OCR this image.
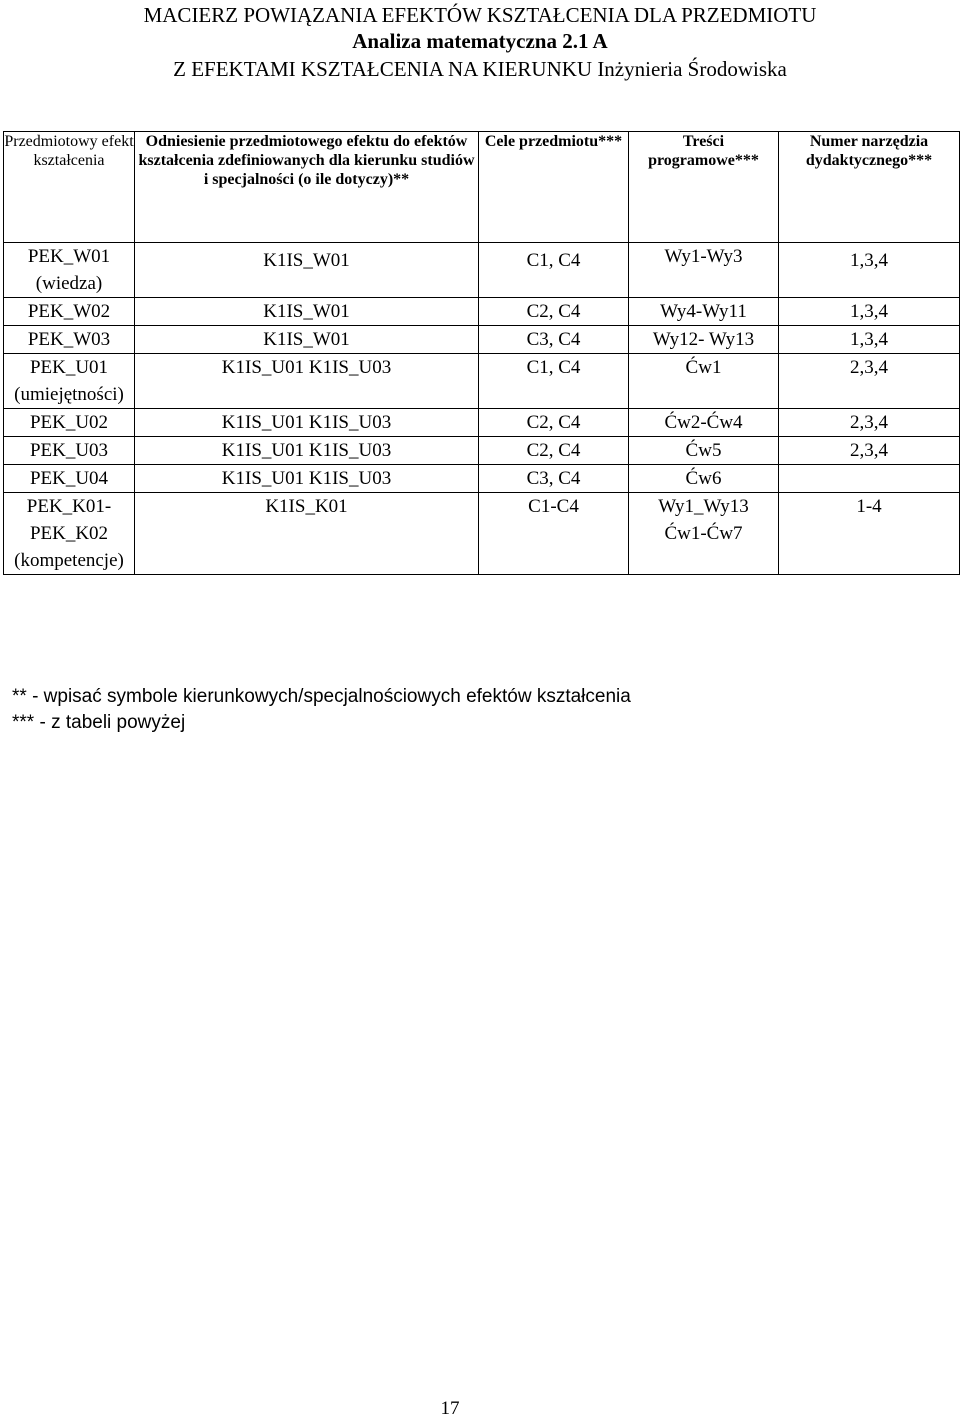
MACIERZ POWIĄZANIA EFEKTÓW KSZTAŁCENIA DLA PRZEDMIOTU
Analiza matematyczna 2.1 A
Z EFEKTAMI KSZTAŁCENIA NA KIERUNKU Inżynieria Środowiska
Przedmiotowy efekt kształcenia	Odniesienie przedmiotowego efektu do efektów kształcenia zdefiniowanych dla kierunku studiów i specjalności (o ile dotyczy)**	Cele przedmiotu***	Treści programowe***	Numer narzędzia dydaktycznego***

PEK_W01 (wiedza)	K1IS_W01	C1, C4	Wy1-Wy3	1,3,4
PEK_W02	K1IS_W01	C2, C4	Wy4-Wy11	1,3,4
PEK_W03	K1IS_W01	C3, C4	Wy12- Wy13	1,3,4
PEK_U01 (umiejętności)	K1IS_U01 K1IS_U03	C1, C4	Ćw1	2,3,4
PEK_U02	K1IS_U01 K1IS_U03	C2, C4	Ćw2-Ćw4	2,3,4
PEK_U03	K1IS_U01 K1IS_U03	C2, C4	Ćw5	2,3,4
PEK_U04	K1IS_U01 K1IS_U03	C3, C4	Ćw6	
PEK_K01- PEK_K02 (kompetencje)	K1IS_K01	C1-C4	Wy1_Wy13 Ćw1-Ćw7	1-4
** - wpisać symbole kierunkowych/specjalnościowych efektów kształcenia
*** - z tabeli powyżej
17
